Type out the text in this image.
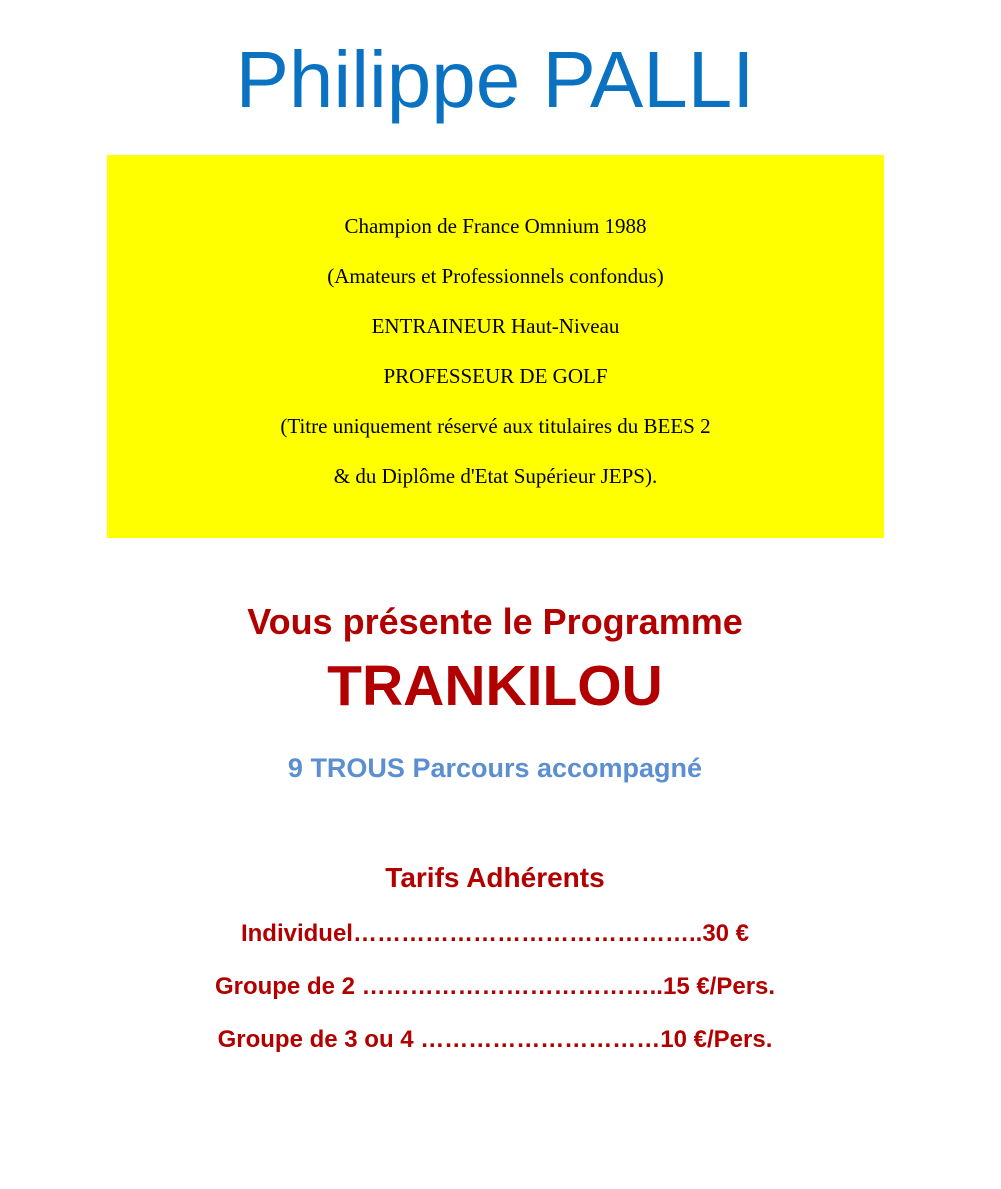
Philippe PALLI
Champion de France Omnium 1988
(Amateurs et Professionnels confondus)
ENTRAINEUR Haut-Niveau
PROFESSEUR DE GOLF
(Titre uniquement réservé aux titulaires du BEES 2
& du Diplôme d'Etat Supérieur JEPS).
Vous présente le Programme
TRANKILOU

9 TROUS Parcours accompagné

Tarifs Adhérents
Individuel……………………………………..30 €
Groupe de 2 ………………………………..15 €/Pers.
Groupe de 3 ou 4 …………………………10 €/Pers.
